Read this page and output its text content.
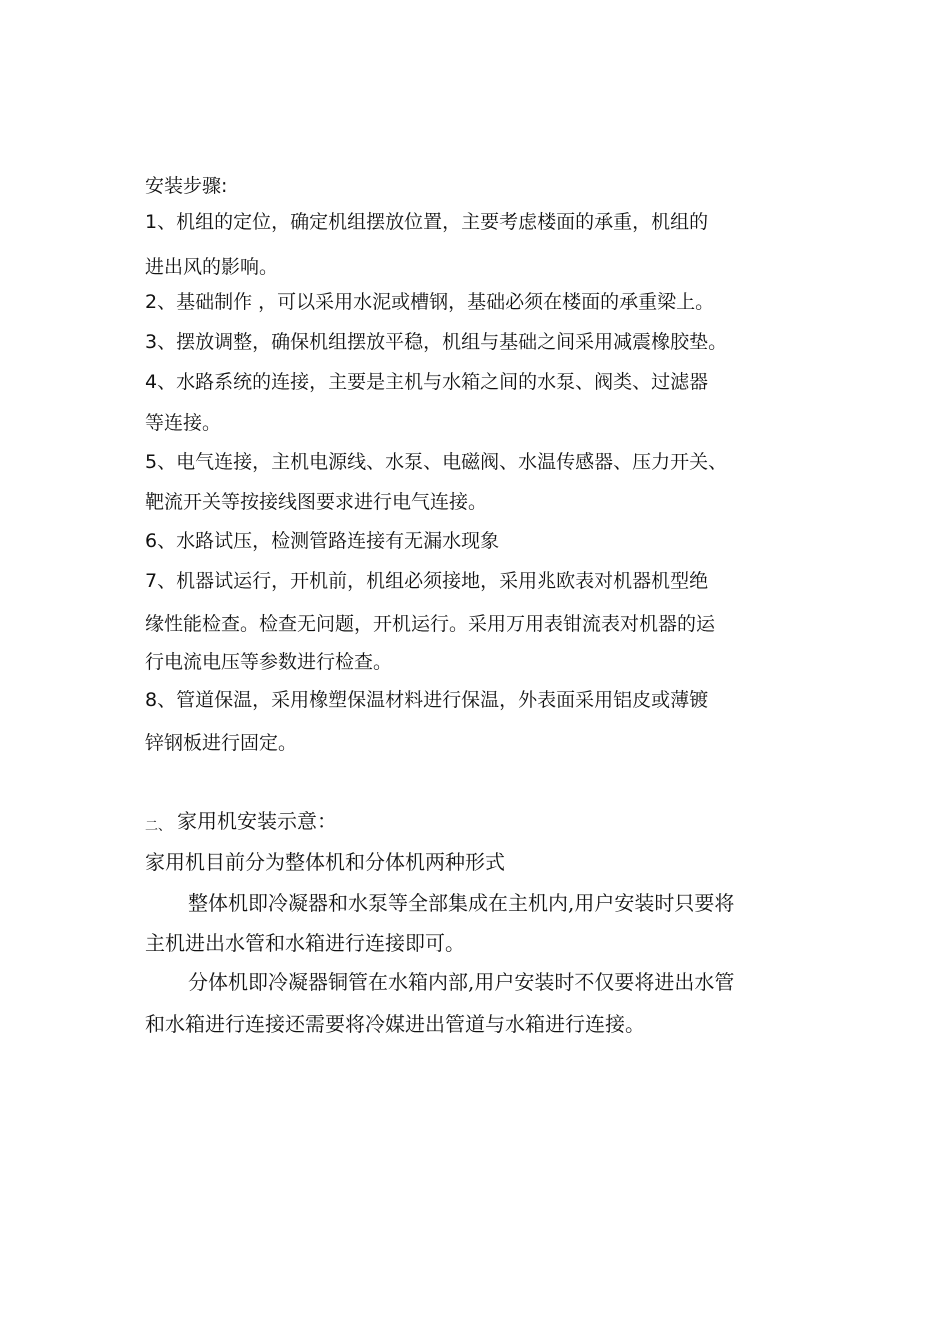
安装步骤:
1、机组的定位，确定机组摆放位置，主要考虑楼面的承重，机组的
进出风的影响。
2、基础制作 ，可以采用水泥或槽钢，基础必须在楼面的承重梁上。
3、摆放调整，确保机组摆放平稳，机组与基础之间采用减震橡胶垫。
4、水路系统的连接，主要是主机与水箱之间的水泵、阀类、过滤器
等连接。
5、电气连接，主机电源线、水泵、电磁阀、水温传感器、压力开关、
靶流开关等按接线图要求进行电气连接。
6、水路试压，检测管路连接有无漏水现象
7、机器试运行，开机前，机组必须接地，采用兆欧表对机器机型绝
缘性能检查。检查无问题，开机运行。采用万用表钳流表对机器的运
行电流电压等参数进行检查。
8、管道保温，采用橡塑保温材料进行保温，外表面采用铝皮或薄镀
锌钢板进行固定。
二、 家用机安装示意：
家用机目前分为整体机和分体机两种形式
整体机即冷凝器和水泵等全部集成在主机内,用户安装时只要将
主机进出水管和水箱进行连接即可。
分体机即冷凝器铜管在水箱内部,用户安装时不仅要将进出水管
和水箱进行连接还需要将冷媒进出管道与水箱进行连接。
